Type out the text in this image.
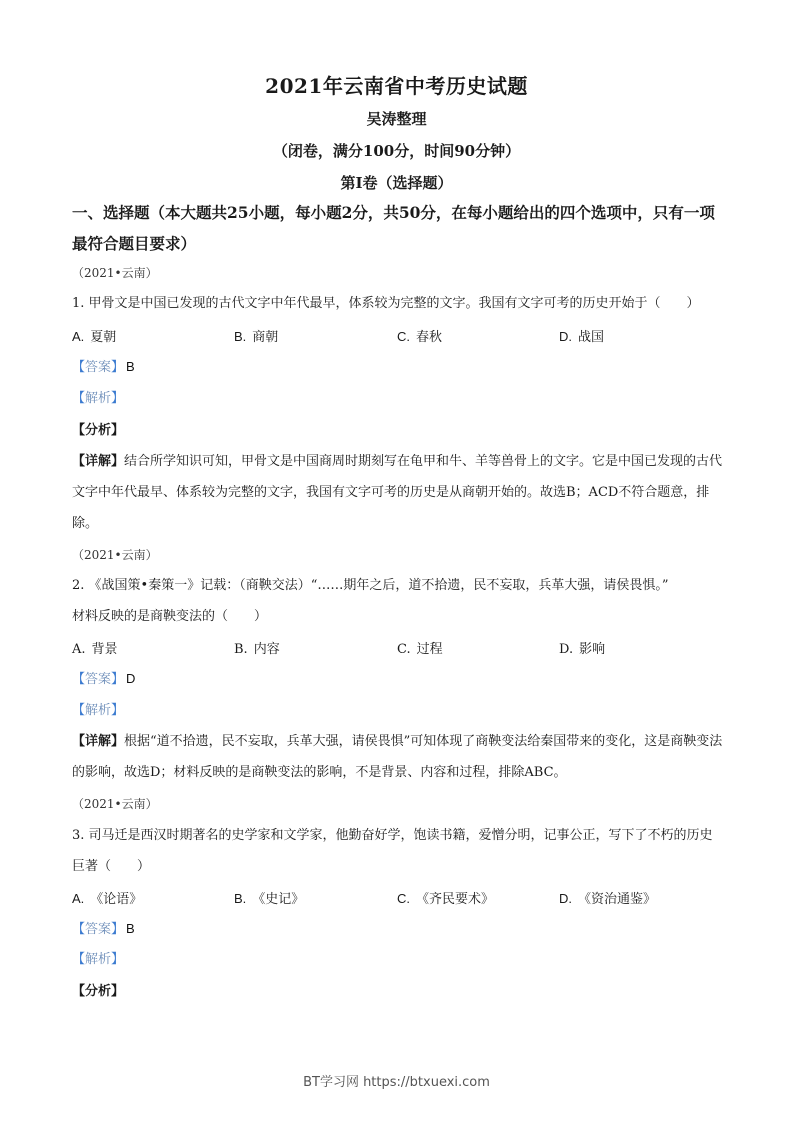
2021年云南省中考历史试题
吴涛整理
（闭卷，满分100分，时间90分钟）
第Ⅰ卷（选择题）
一、选择题（本大题共25小题，每小题2分，共50分，在每小题给出的四个选项中，只有一项最符合题目要求）
（2021•云南）
1. 甲骨文是中国已发现的古代文字中年代最早，体系较为完整的文字。我国有文字可考的历史开始于（　　）
A. 夏朝	B. 商朝	C. 春秋	D. 战国
【答案】 B
【解析】
【分析】
【详解】结合所学知识可知，甲骨文是中国商周时期刻写在龟甲和牛、羊等兽骨上的文字。它是中国已发现的古代文字中年代最早、体系较为完整的文字，我国有文字可考的历史是从商朝开始的。故选B；ACD不符合题意，排除。
（2021•云南）
2. 《战国策•秦策一》记载：（商鞅交法）“……期年之后，道不拾遗，民不妄取，兵革大强，请侯畏惧。”
材料反映的是商鞅变法的（　　）
A. 背景	B. 内容	C. 过程	D. 影响
【答案】 D
【解析】
【详解】根据“道不拾遗，民不妄取，兵革大强，请侯畏惧”可知体现了商鞅变法给秦国带来的变化，这是商鞅变法的影响，故选D；材料反映的是商鞅变法的影响，不是背景、内容和过程，排除ABC。
（2021•云南）
3. 司马迁是西汉时期著名的史学家和文学家，他勤奋好学，饱读书籍，爱憎分明，记事公正，写下了不朽的历史巨著（　　）
A. 《论语》	B. 《史记》	C. 《齐民要术》	D. 《资治通鉴》
【答案】 B
【解析】
【分析】
BT学习网 https://btxuexi.com
